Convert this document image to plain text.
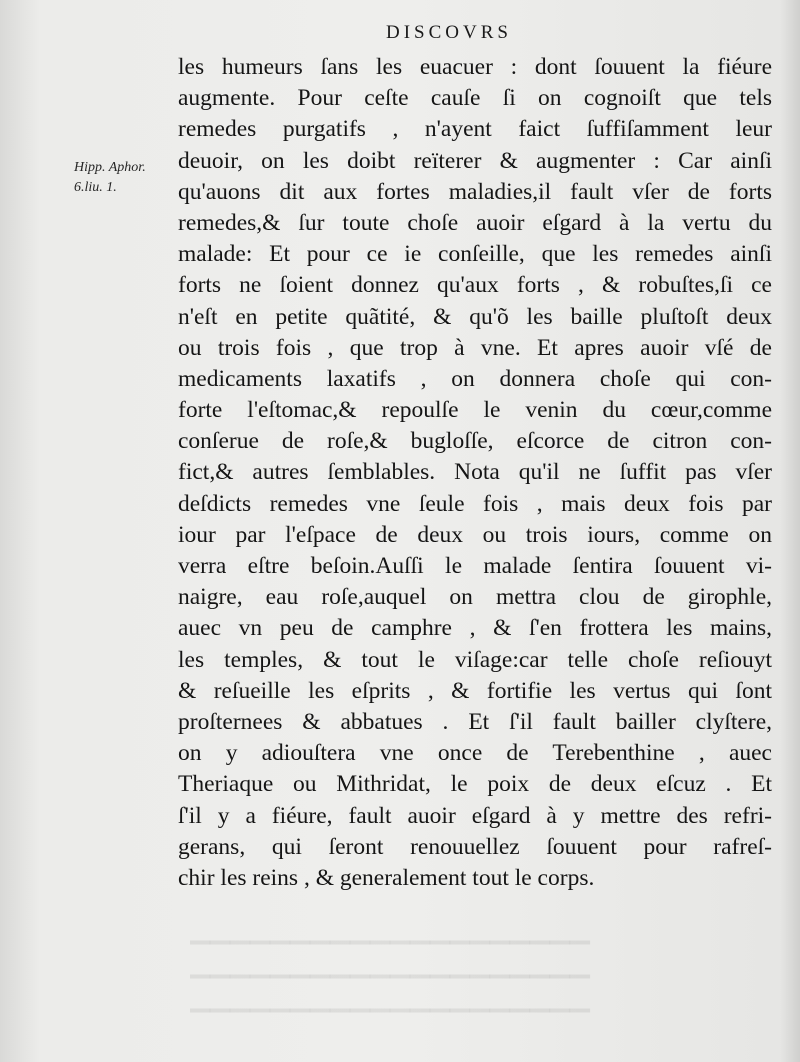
▔▔▔▔▔▔▔▔▔▔▔▔▔▔▔▔▔▔▔▔
▔▔▔▔▔▔▔▔▔▔▔▔▔▔▔▔▔▔▔▔
▔▔▔▔▔▔▔▔▔▔▔▔▔▔▔▔▔▔▔▔
DISCOVRS
Hipp. Aphor.
6.liu. 1.
les humeurs ſans les euacuer : dont ſouuent la fiéure
augmente. Pour ceſte cauſe ſi on cognoiſt que tels
remedes purgatifs , n'ayent faict ſuffiſamment leur
deuoir, on les doibt reïterer & augmenter : Car ainſi
qu'auons dit aux fortes maladies,il fault vſer de forts
remedes,& ſur toute choſe auoir eſgard à la vertu du
malade: Et pour ce ie conſeille, que les remedes ainſi
forts ne ſoient donnez qu'aux forts , & robuſtes,ſi ce
n'eſt en petite quãtité, & qu'õ les baille pluſtoſt deux
ou trois fois , que trop à vne. Et apres auoir vſé de
medicaments laxatifs , on donnera choſe qui con-
forte l'eſtomac,& repoulſe le venin du cœur,comme
conſerue de roſe,& bugloſſe, eſcorce de citron con-
fict,& autres ſemblables. Nota qu'il ne ſuffit pas vſer
deſdicts remedes vne ſeule fois , mais deux fois par
iour par l'eſpace de deux ou trois iours, comme on
verra eſtre beſoin.Auſſi le malade ſentira ſouuent vi-
naigre, eau roſe,auquel on mettra clou de girophle,
auec vn peu de camphre , & ſ'en frottera les mains,
les temples, & tout le viſage:car telle choſe reſiouyt
& reſueille les eſprits , & fortifie les vertus qui ſont
proſternees & abbatues . Et ſ'il fault bailler clyſtere,
on y adiouſtera vne once de Terebenthine , auec
Theriaque ou Mithridat, le poix de deux eſcuz . Et
ſ'il y a fiéure, fault auoir eſgard à y mettre des refri-
gerans, qui ſeront renouuellez ſouuent pour rafreſ-
chir les reins , & generalement tout le corps.
